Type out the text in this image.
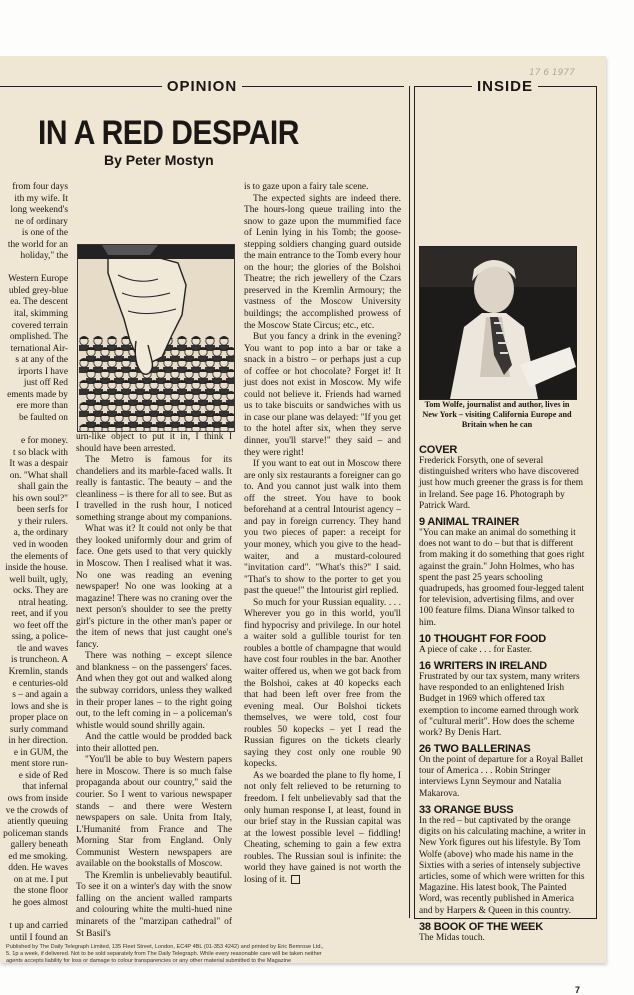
OPINION	INSIDE
17 6 1977
IN A RED DESPAIR
By Peter Mostyn
from four days
ith my wife. It
long weekend's
ne of ordinary
is one of the
the world for an
holiday," the
Western Europe
ubled grey-blue
ea. The descent
ital, skimming
covered terrain
omplished. The
ternational Air-
s at any of the
irports I have
just off Red
ements made by
ere more than
be faulted on
e for money.
t so black with
It was a despair
on. "What shall
shall gain the
his own soul?"
been serfs for
y their rulers.
a, the ordinary
ved in wooden
the elements of
inside the house.
well built, ugly,
ocks. They are
ntral heating.
reet, and if you
wo feet off the
ssing, a police-
tle and waves
is truncheon. A
Kremlin, stands
e centuries-old
s – and again a
lows and she is
proper place on
surly command
in her direction.
e in GUM, the
ment store run-
e side of Red
that infernal
ows from inside
ve the crowds of
atiently queuing
policeman stands
gallery beneath
ed me smoking.
dden. He waves
on at me. I put
the stone floor
he goes almost
t up and carried
until I found an

urn-like object to put it in, I think I should have been arrested.

The Metro is famous for its chandeliers and its marble-faced walls. It really is fantastic. The beauty – and the cleanliness – is there for all to see. But as I travelled in the rush hour, I noticed something strange about my companions.

What was it? It could not only be that they looked uniformly dour and grim of face. One gets used to that very quickly in Moscow. Then I realised what it was. No one was reading an evening newspaper! No one was looking at a magazine! There was no craning over the next person's shoulder to see the pretty girl's picture in the other man's paper or the item of news that just caught one's fancy.

There was nothing – except silence and blankness – on the passengers' faces. And when they got out and walked along the subway corridors, unless they walked in their proper lanes – to the right going out, to the left coming in – a policeman's whistle would sound shrilly again.

And the cattle would be prodded back into their allotted pen.

"You'll be able to buy Western papers here in Moscow. There is so much false propaganda about our country," said the courier. So I went to various newspaper stands – and there were Western newspapers on sale. Unita from Italy, L'Humanité from France and The Morning Star from England. Only Communist Western newspapers are available on the bookstalls of Moscow.

The Kremlin is unbelievably beautiful. To see it on a winter's day with the snow falling on the ancient walled ramparts and colouring white the multi-hued nine minarets of the "marzipan cathedral" of St Basil's

is to gaze upon a fairy tale scene.

The expected sights are indeed there. The hours-long queue trailing into the snow to gaze upon the mummified face of Lenin lying in his Tomb; the goose-stepping soldiers changing guard outside the main entrance to the Tomb every hour on the hour; the glories of the Bolshoi Theatre; the rich jewellery of the Czars preserved in the Kremlin Armoury; the vastness of the Moscow University buildings; the accomplished prowess of the Moscow State Circus; etc., etc.

But you fancy a drink in the evening? You want to pop into a bar or take a snack in a bistro – or perhaps just a cup of coffee or hot chocolate? Forget it! It just does not exist in Moscow. My wife could not believe it. Friends had warned us to take biscuits or sandwiches with us in case our plane was delayed: "If you get to the hotel after six, when they serve dinner, you'll starve!" they said – and they were right!

If you want to eat out in Moscow there are only six restaurants a foreigner can go to. And you cannot just walk into them off the street. You have to book beforehand at a central Intourist agency – and pay in foreign currency. They hand you two pieces of paper: a receipt for your money, which you give to the head-waiter, and a mustard-coloured "invitation card". "What's this?" I said. "That's to show to the porter to get you past the queue!" the Intourist girl replied.

So much for your Russian equality. . . . Wherever you go in this world, you'll find hypocrisy and privilege. In our hotel a waiter sold a gullible tourist for ten roubles a bottle of champagne that would have cost four roubles in the bar. Another waiter offered us, when we got back from the Bolshoi, cakes at 40 kopecks each that had been left over free from the evening meal. Our Bolshoi tickets themselves, we were told, cost four roubles 50 kopecks – yet I read the Russian figures on the tickets clearly saying they cost only one rouble 90 kopecks.

As we boarded the plane to fly home, I not only felt relieved to be returning to freedom. I felt unbelievably sad that the only human response I, at least, found in our brief stay in the Russian capital was at the lowest possible level – fiddling! Cheating, scheming to gain a few extra roubles. The Russian soul is infinite: the world they have gained is not worth the losing of it.

Tom Wolfe, journalist and author, lives in New York – visiting California Europe and Britain when he can
COVER

Frederick Forsyth, one of several distinguished writers who have discovered just how much greener the grass is for them in Ireland. See page 16. Photograph by Patrick Ward.

9 ANIMAL TRAINER

"You can make an animal do something it does not want to do – but that is different from making it do something that goes right against the grain." John Holmes, who has spent the past 25 years schooling quadrupeds, has groomed four-legged talent for television, advertising films, and over 100 feature films. Diana Winsor talked to him.

10 THOUGHT FOR FOOD

A piece of cake . . . for Easter.

16 WRITERS IN IRELAND

Frustrated by our tax system, many writers have responded to an enlightened Irish Budget in 1969 which offered tax exemption to income earned through work of "cultural merit". How does the scheme work? By Denis Hart.

26 TWO BALLERINAS

On the point of departure for a Royal Ballet tour of America . . . Robin Stringer interviews Lynn Seymour and Natalia Makarova.

33 ORANGE BUSS

In the red – but captivated by the orange digits on his calculating machine, a writer in New York figures out his lifestyle. By Tom Wolfe (above) who made his name in the Sixties with a series of intensely subjective articles, some of which were written for this Magazine. His latest book, The Painted Word, was recently published in America and by Harpers & Queen in this country.

38 BOOK OF THE WEEK

The Midas touch.

Published by The Daily Telegraph Limited, 135 Fleet Street, London, EC4P 4BL (01-353 4242) and printed by Eric Bemrose Ltd.,
5. 1p a week, if delivered. Not to be sold separately from The Daily Telegraph. While every reasonable care will be taken neither
agents accepts liability for loss or damage to colour transparencies or any other material submitted to the Magazine
7
